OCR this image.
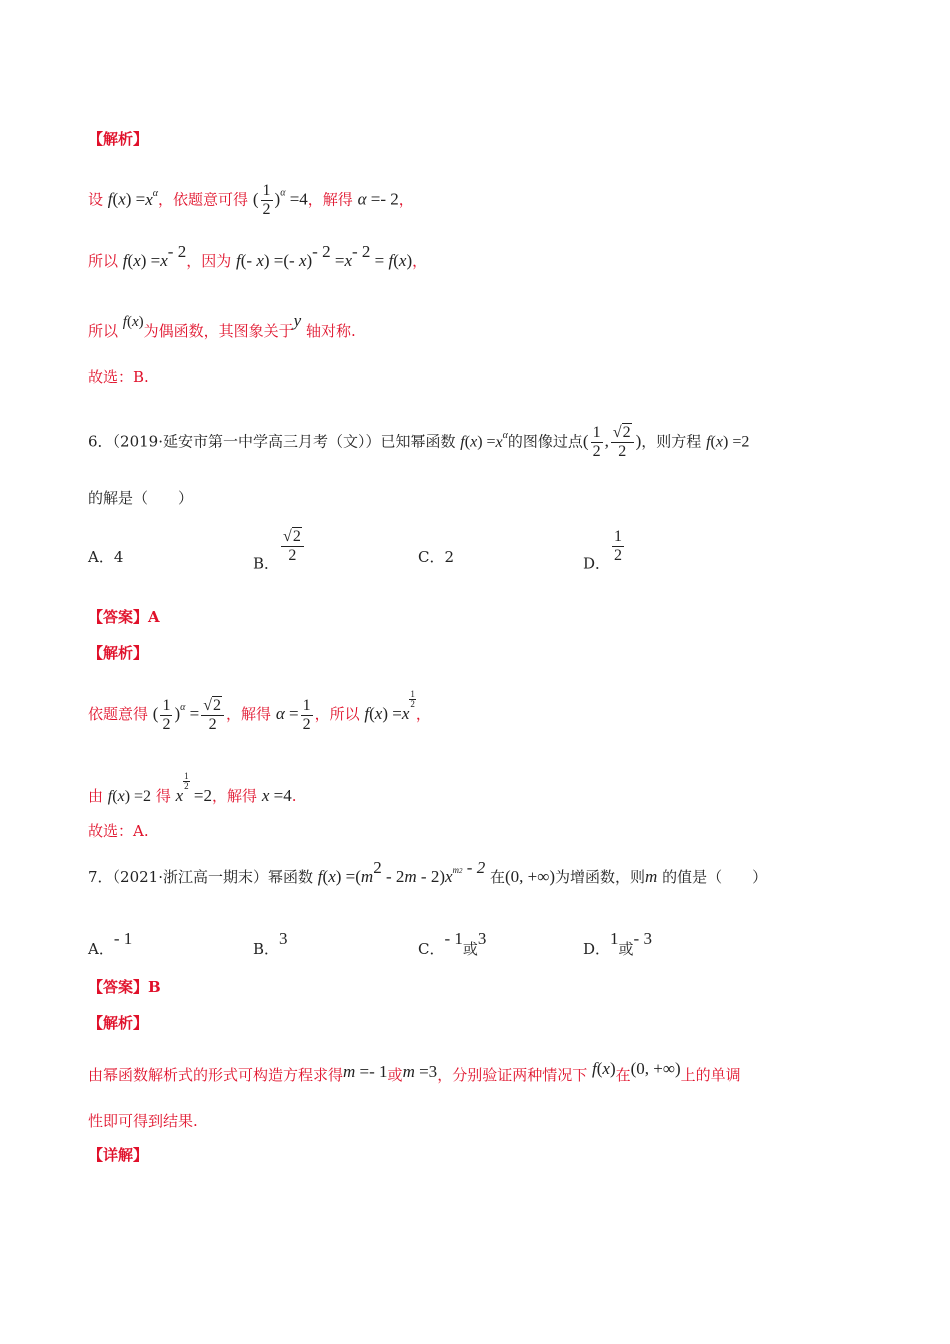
【解析】
设 $f(x) =x^\alpha$，依题意可得 ( $\frac{1}{2} )^\alpha =4$，解得 α =- 2，
所以 $f(x) =x^{- 2}$，因为 f(- x) =(- $x)^{- 2} =x^{- 2} = f(x)$，
所以 f(x)为偶函数，其图象关于y 轴对称.
故选：B.
6．（2019·延安市第一中学高三月考（文））已知幂函数 $f(x) =x^\alpha$的图像过点( $\frac{1}{2}$ , $\frac{√2}{2}$ )，则方程 f(x) =2
的解是（　　）
A．4	B． $\frac{√2}{2}$	C．2	D． $\frac{1}{2}$
【答案】A
【解析】
依题意得 ( $\frac{1}{2} )^\alpha = \frac{√2}{2}$ ，解得 $\alpha = \frac{1}{2}$ ，所以 f(x) =x
$\frac{1}{2}$，
由 f(x) =2 得 x
$\frac{1}{2} =2$，解得 x =4.
故选：A.
7．（2021·浙江高一期末）幂函数 $f(x) =(m^2 - 2m - 2)x^{m2 - 2}$ 在(0, +∞)为增函数，则m 的值是（　　）
A．- 1
B．3
C．- 1或3
D．1或- 3
【答案】B
【解析】
由幂函数解析式的形式可构造方程求得m =- 1或m =3，分别验证两种情况下 f(x)在(0, +∞)上的单调
性即可得到结果.
【详解】
